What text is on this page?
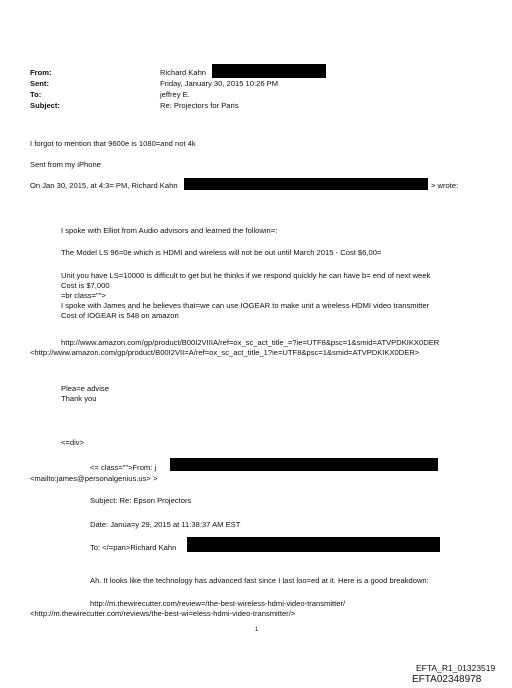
From:	Richard Kahn
Sent:	Friday, January 30, 2015 10:26 PM
To:	jeffrey E.
Subject:	Re: Projectors for Paris
I forgot to mention that 9600e is 1080=and not 4k
Sent from my iPhone
On Jan 30, 2015, at 4:3= PM, Richard Kahn	> wrote:
I spoke with Elliot from Audio advisors and learned the followin=:
The Model LS 96=0e which is HDMI and wireless will not be out until March 2015 - Cost $6,00=
Unit you have LS=10000 is difficult to get but he thinks if we respond quickly he can have b= end of next week
Cost is $7,000
=br class="">
I spoke with James and he believes that=we can use IOGEAR to make unit a wireless HDMI video transmitter
Cost of IOGEAR is 548 on amazon
http://www.amazon.com/gp/product/B00I2VIIIA/ref=ox_sc_act_title_=?ie=UTF8&psc=1&smid=ATVPDKIKX0DER
<http://www.amazon.com/gp/product/B00I2VII=A/ref=ox_sc_act_title_1?ie=UTF8&psc=1&smid=ATVPDKIKX0DER>
Plea=e advise
Thank you
<=div>
<= class="">From: j
<mailto:james@personalgenius.us> >
Subject: Re: Epson Projectors
Date: Janua=y 29, 2015 at 11:38:37 AM EST
To: </=pan>Richard Kahn
Ah. It looks like the technology has advanced fast since I last loo=ed at it. Here is a good breakdown:
http://m.thewirecutter.com/review=/the-best-wireless-hdmi-video-transmitter/
<http://m.thewirecutter.com/reviews/the-best-wi=eless-hdmi-video-transmitter/>
1
EFTA_R1_01323519
EFTA02348978
